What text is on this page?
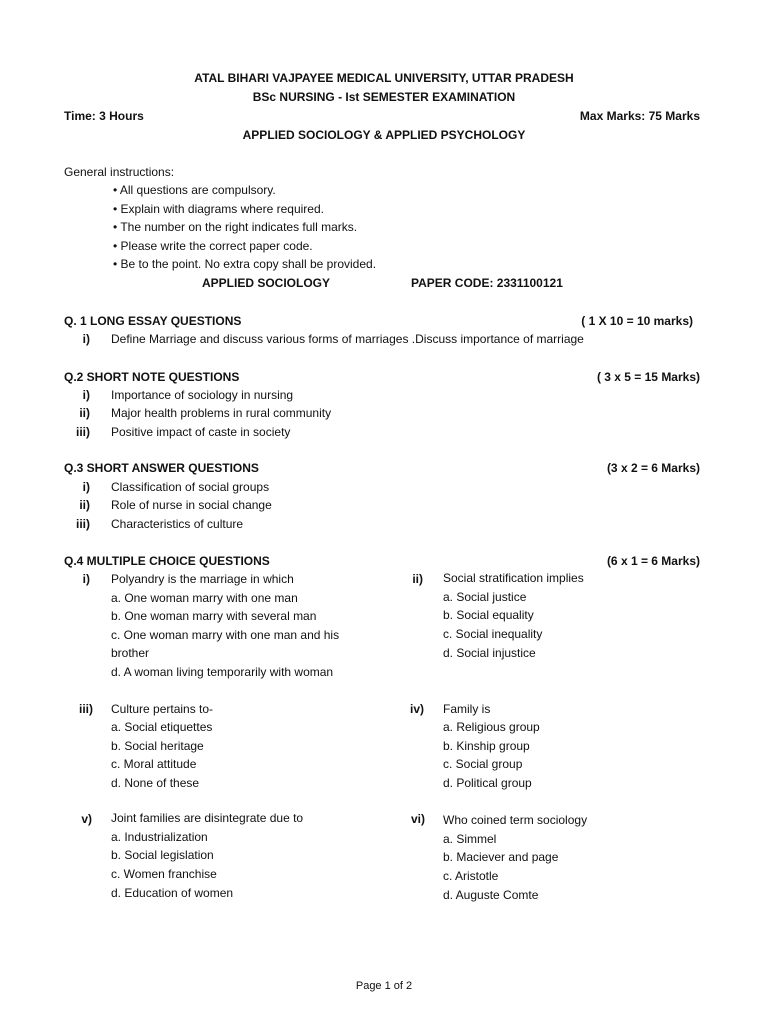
ATAL BIHARI VAJPAYEE MEDICAL UNIVERSITY, UTTAR PRADESH
BSc NURSING - Ist SEMESTER EXAMINATION
Time: 3 Hours	Max Marks: 75 Marks
APPLIED SOCIOLOGY & APPLIED PSYCHOLOGY
General instructions:
• All questions are compulsory.
• Explain with diagrams where required.
• The number on the right indicates full marks.
• Please write the correct paper code.
• Be to the point. No extra copy shall be provided.
APPLIED SOCIOLOGY	PAPER CODE: 2331100121
Q. 1 LONG ESSAY QUESTIONS	( 1 X 10 = 10 marks)
i) Define Marriage and discuss various forms of marriages .Discuss importance of marriage
Q.2 SHORT NOTE QUESTIONS	( 3 x 5 = 15 Marks)
i) Importance of sociology in nursing
ii) Major health problems in rural community
iii) Positive impact of caste in society
Q.3 SHORT ANSWER QUESTIONS	(3 x 2 = 6 Marks)
i) Classification of social groups
ii) Role of nurse in social change
iii) Characteristics of culture
Q.4 MULTIPLE CHOICE QUESTIONS	(6 x 1 = 6 Marks)
i) Polyandry is the marriage in which
a. One woman marry with one man
b. One woman marry with several man
c. One woman marry with one man and his
brother
d. A woman living temporarily with woman
ii) Social stratification implies
a. Social justice
b. Social equality
c. Social inequality
d. Social injustice
iii) Culture pertains to-
a. Social etiquettes
b. Social heritage
c. Moral attitude
d. None of these
iv) Family is
a. Religious group
b. Kinship group
c. Social group
d. Political group
v) Joint families are disintegrate due to
a. Industrialization
b. Social legislation
c. Women franchise
d. Education of women
vi) Who coined term sociology
a. Simmel
b. Maciever and page
c. Aristotle
d. Auguste Comte
Page 1 of 2
